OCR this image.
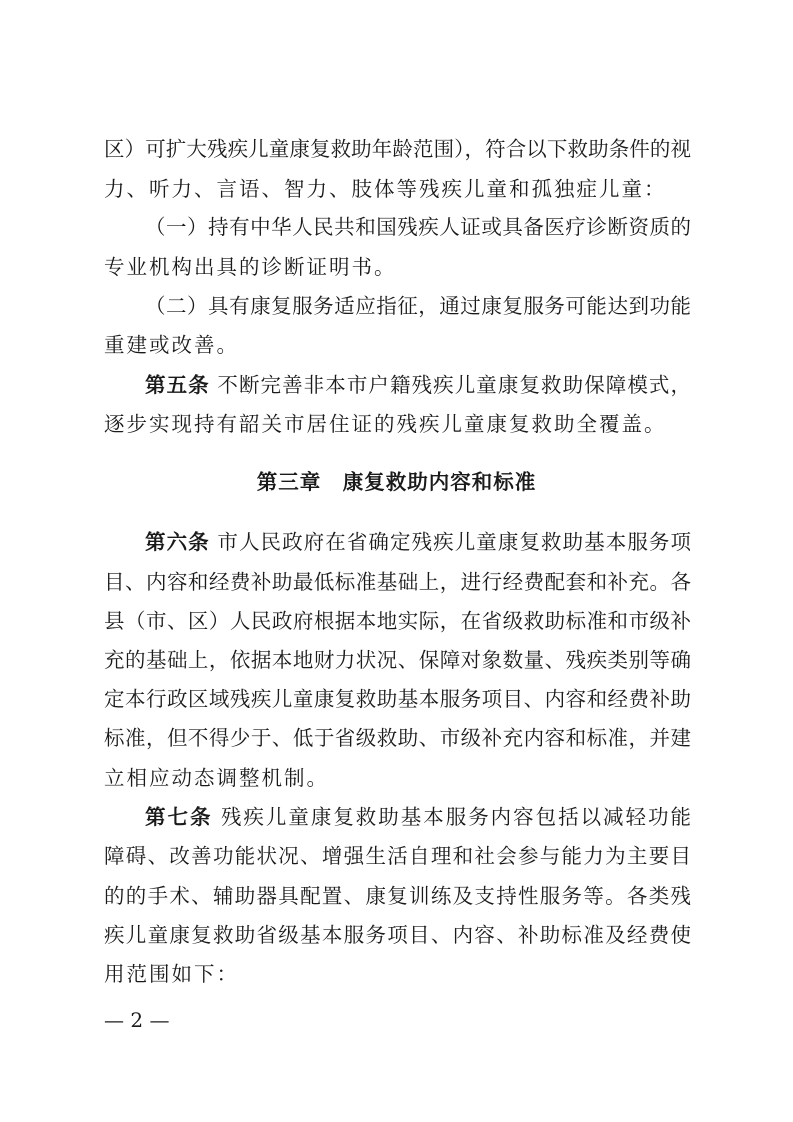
区）可扩大残疾儿童康复救助年龄范围），符合以下救助条件的视
力、听力、言语、智力、肢体等残疾儿童和孤独症儿童：
（一）持有中华人民共和国残疾人证或具备医疗诊断资质的
专业机构出具的诊断证明书。
（二）具有康复服务适应指征，通过康复服务可能达到功能
重建或改善。
第五条 不断完善非本市户籍残疾儿童康复救助保障模式，
逐步实现持有韶关市居住证的残疾儿童康复救助全覆盖。
第三章　康复救助内容和标准
第六条 市人民政府在省确定残疾儿童康复救助基本服务项
目、内容和经费补助最低标准基础上，进行经费配套和补充。各
县（市、区）人民政府根据本地实际，在省级救助标准和市级补
充的基础上，依据本地财力状况、保障对象数量、残疾类别等确
定本行政区域残疾儿童康复救助基本服务项目、内容和经费补助
标准，但不得少于、低于省级救助、市级补充内容和标准，并建
立相应动态调整机制。
第七条 残疾儿童康复救助基本服务内容包括以减轻功能
障碍、改善功能状况、增强生活自理和社会参与能力为主要目
的的手术、辅助器具配置、康复训练及支持性服务等。各类残
疾儿童康复救助省级基本服务项目、内容、补助标准及经费使
用范围如下：
— 2 —
